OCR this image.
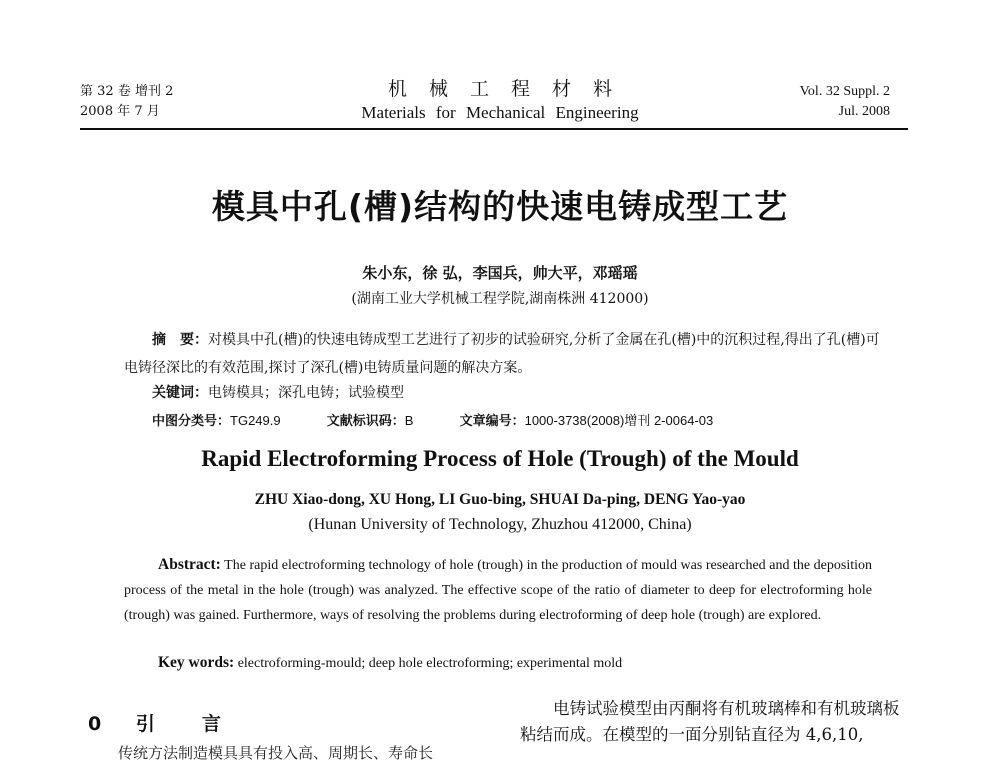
第 32 卷 增刊 2
2008 年 7 月
机械工程材料
Materials for Mechanical Engineering
Vol. 32 Suppl. 2
Jul. 2008
模具中孔(槽)结构的快速电铸成型工艺
朱小东，徐 弘，李国兵，帅大平，邓瑶瑶
(湖南工业大学机械工程学院,湖南株洲 412000)
摘　要：对模具中孔(槽)的快速电铸成型工艺进行了初步的试验研究,分析了金属在孔(槽)中的沉积过程,得出了孔(槽)可电铸径深比的有效范围,探讨了深孔(槽)电铸质量问题的解决方案。
关键词：电铸模具；深孔电铸；试验模型
中图分类号：TG249.9	文献标识码：B	文章编号：1000-3738(2008)增刊 2-0064-03
Rapid Electroforming Process of Hole (Trough) of the Mould
ZHU Xiao-dong, XU Hong, LI Guo-bing, SHUAI Da-ping, DENG Yao-yao
(Hunan University of Technology, Zhuzhou 412000, China)
Abstract: The rapid electroforming technology of hole (trough) in the production of mould was researched and the deposition process of the metal in the hole (trough) was analyzed. The effective scope of the ratio of diameter to deep for electroforming hole (trough) was gained. Furthermore, ways of resolving the problems during electroforming of deep hole (trough) are explored.
Key words: electroforming-mould; deep hole electroforming; experimental mold
0 引　言
传统方法制造模具具有投入高、周期长、寿命长
电铸试验模型由丙酮将有机玻璃棒和有机玻璃板粘结而成。在模型的一面分别钻直径为 4,6,10,
